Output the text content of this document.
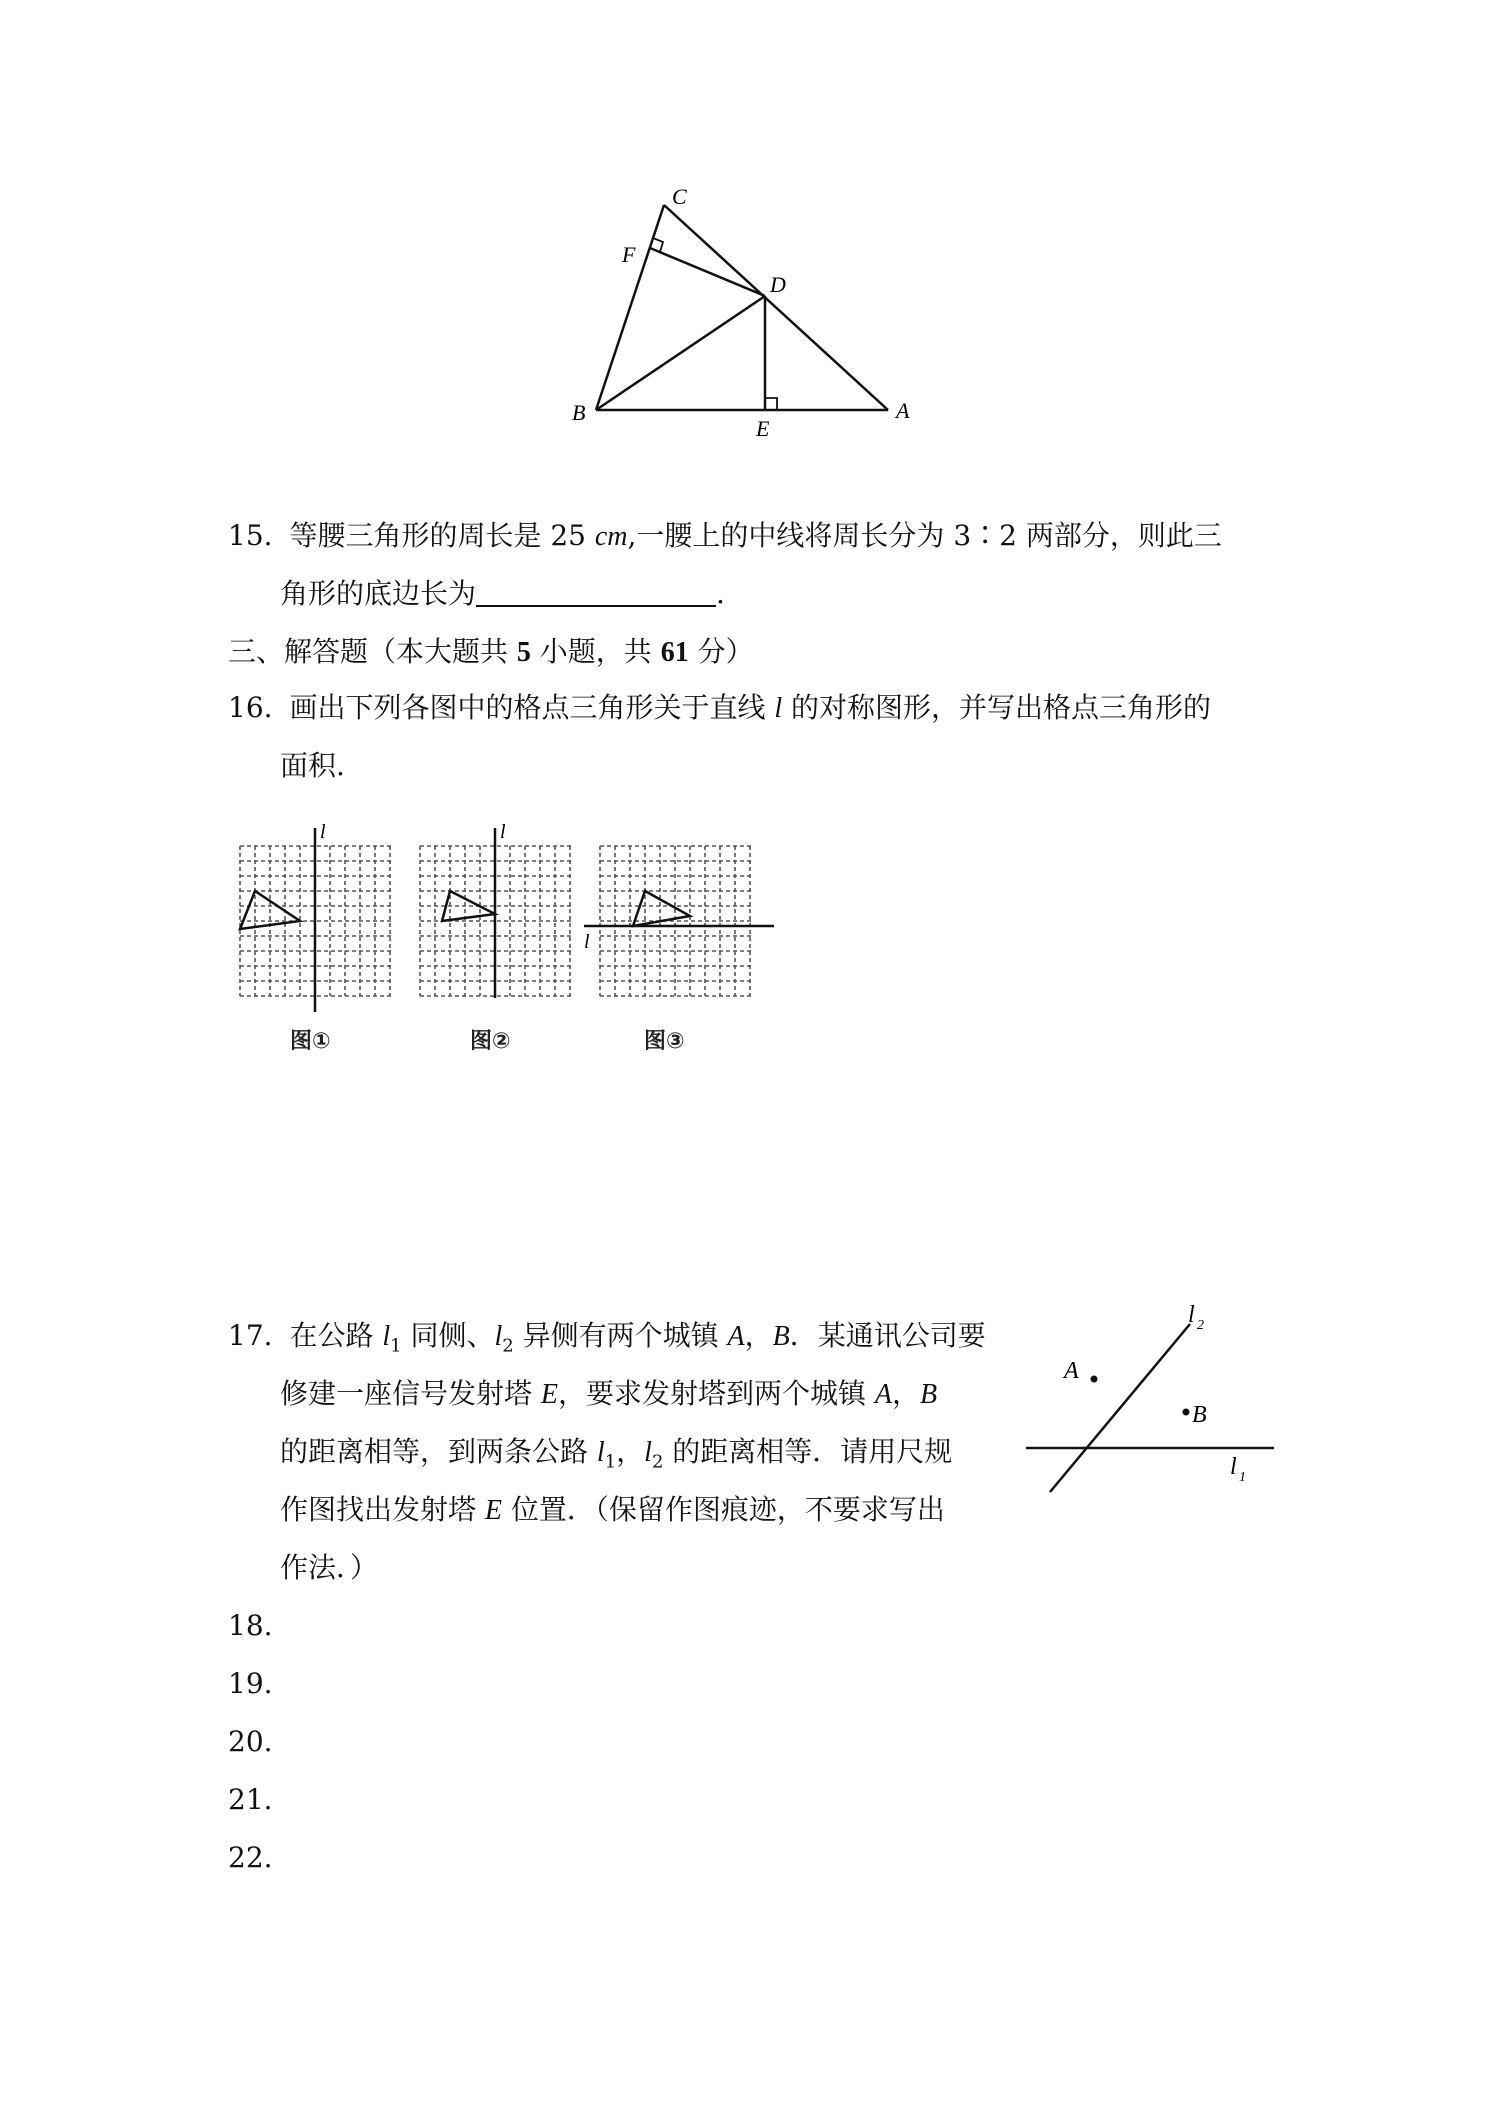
C
F
D
B
E
A
15. 等腰三角形的周长是 25 cm,一腰上的中线将周长分为 3∶2 两部分，则此三
角形的底边长为	.
三、解答题（本大题共 5 小题，共 61 分）
16. 画出下列各图中的格点三角形关于直线 l 的对称图形，并写出格点三角形的
面积.
l	l
l
图①	图②	图③
17. 在公路 $l_1$ 同侧、$l_2$ 异侧有两个城镇 A，B．某通讯公司要
修建一座信号发射塔 E，要求发射塔到两个城镇 A，B
的距离相等，到两条公路 $l_1$，$l_2$ 的距离相等．请用尺规
作图找出发射塔 E 位置．（保留作图痕迹，不要求写出
作法．）
l 2
l 1
A
B
18.
19.
20.
21.
22.
